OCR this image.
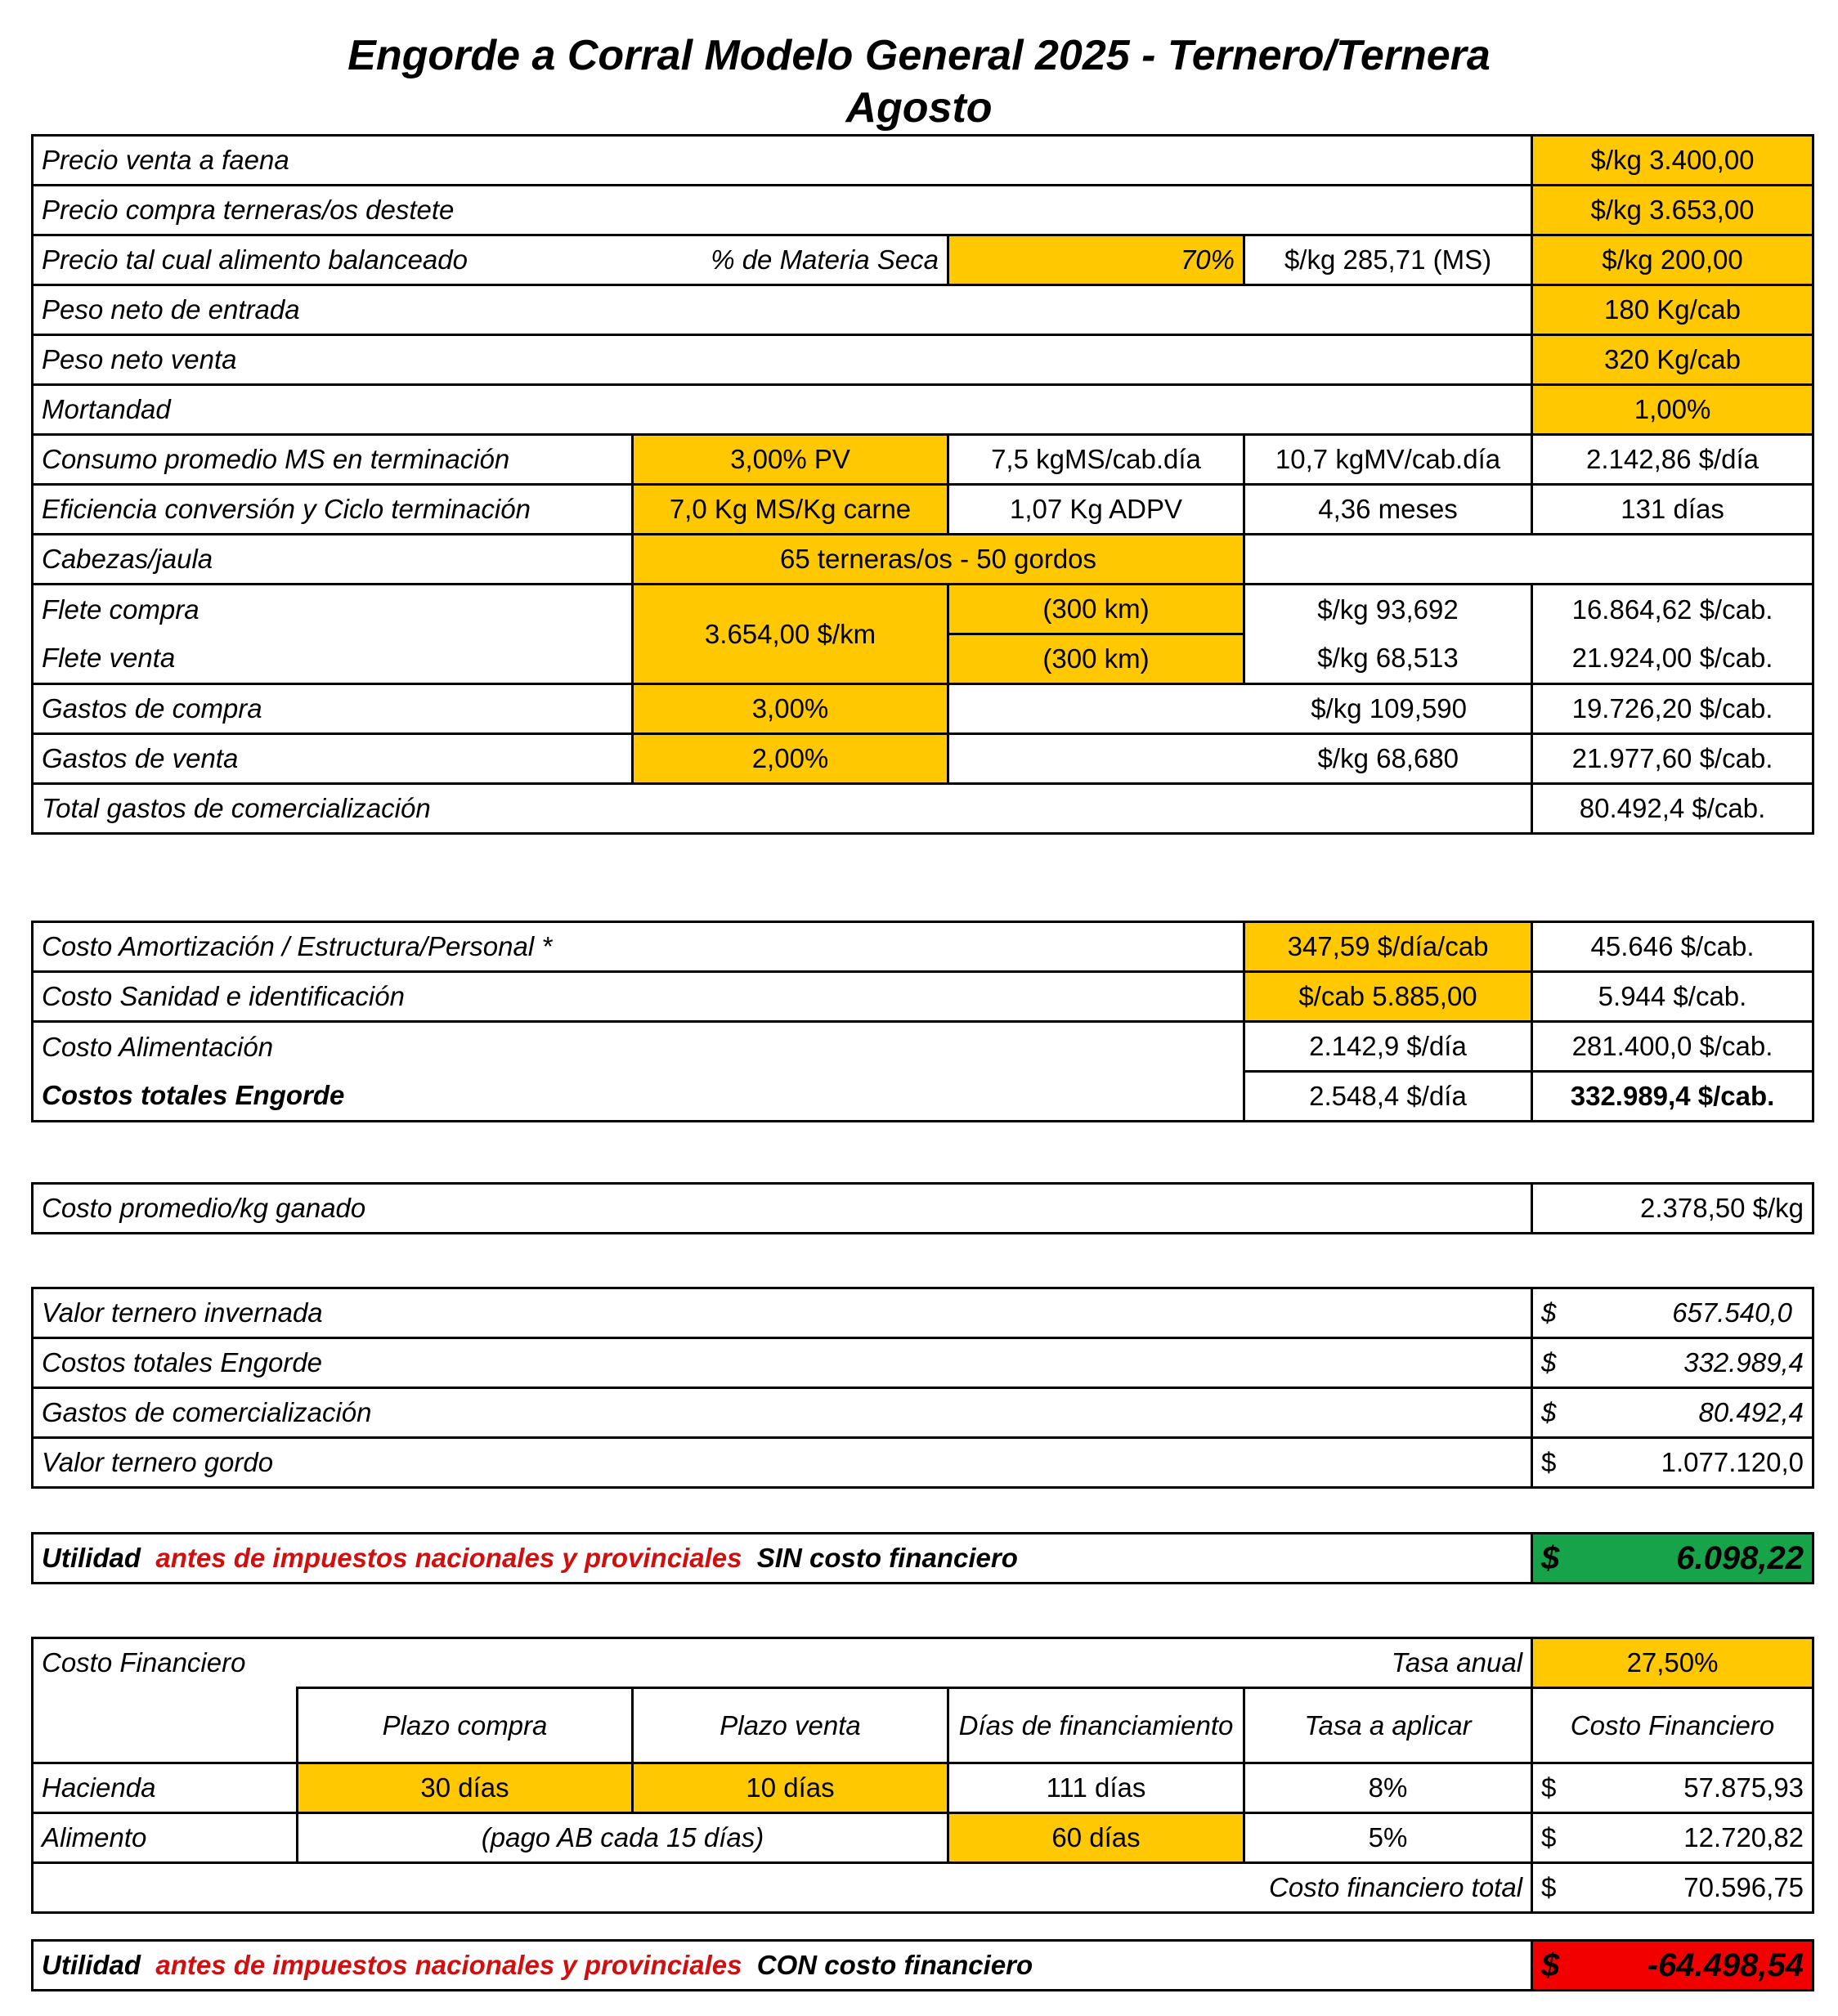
Engorde a Corral Modelo General 2025 - Ternero/Ternera
Agosto
Precio venta a faena				$/kg 3.400,00
Precio compra terneras/os destete				$/kg 3.653,00
Precio tal cual alimento balanceado	% de Materia Seca	70%	$/kg 285,71 (MS)	$/kg 200,00
Peso neto de entrada				180 Kg/cab
Peso neto venta				320 Kg/cab
Mortandad				1,00%
Consumo promedio MS en terminación	3,00% PV	7,5 kgMS/cab.día	10,7 kgMV/cab.día	2.142,86 $/día
Eficiencia conversión y Ciclo terminación	7,0 Kg MS/Kg carne	1,07 Kg ADPV	4,36 meses	131 días
Cabezas/jaula	65 terneras/os - 50 gordos			
Flete compra	3.654,00 $/km	(300 km)	$/kg 93,692	16.864,62 $/cab.
Flete venta		(300 km)	$/kg 68,513	21.924,00 $/cab.
Gastos de compra	3,00%	$/kg 109,590		19.726,20 $/cab.
Gastos de venta	2,00%	$/kg 68,680		21.977,60 $/cab.
Total gastos de comercialización				80.492,4 $/cab.
Costo Amortización / Estructura/Personal *	347,59 $/día/cab	45.646 $/cab.
Costo Sanidad e identificación	$/cab 5.885,00	5.944 $/cab.
Costo Alimentación	2.142,9 $/día	281.400,0 $/cab.
Costos totales Engorde	2.548,4 $/día	332.989,4 $/cab.
Costo promedio/kg ganado	2.378,50 $/kg
Valor ternero invernada	$ 657.540,0

Costos totales Engorde	$ 332.989,4

Gastos de comercialización	$ 80.492,4

Valor ternero gordo	$ 1.077.120,0
Utilidad antes de impuestos nacionales y provinciales SIN costo financiero	$	6.098,22
Costo Financiero		Tasa anual			27,50%
	Plazo compra	Plazo venta	Días de financiamiento	Tasa a aplicar	Costo Financiero
Hacienda	30 días	10 días	111 días	8%	$ 57.875,93

Alimento	(pago AB cada 15 días)		60 días	5%	$ 12.720,82

Costo financiero total					$ 70.596,75
Utilidad antes de impuestos nacionales y provinciales CON costo financiero	$	-64.498,54
